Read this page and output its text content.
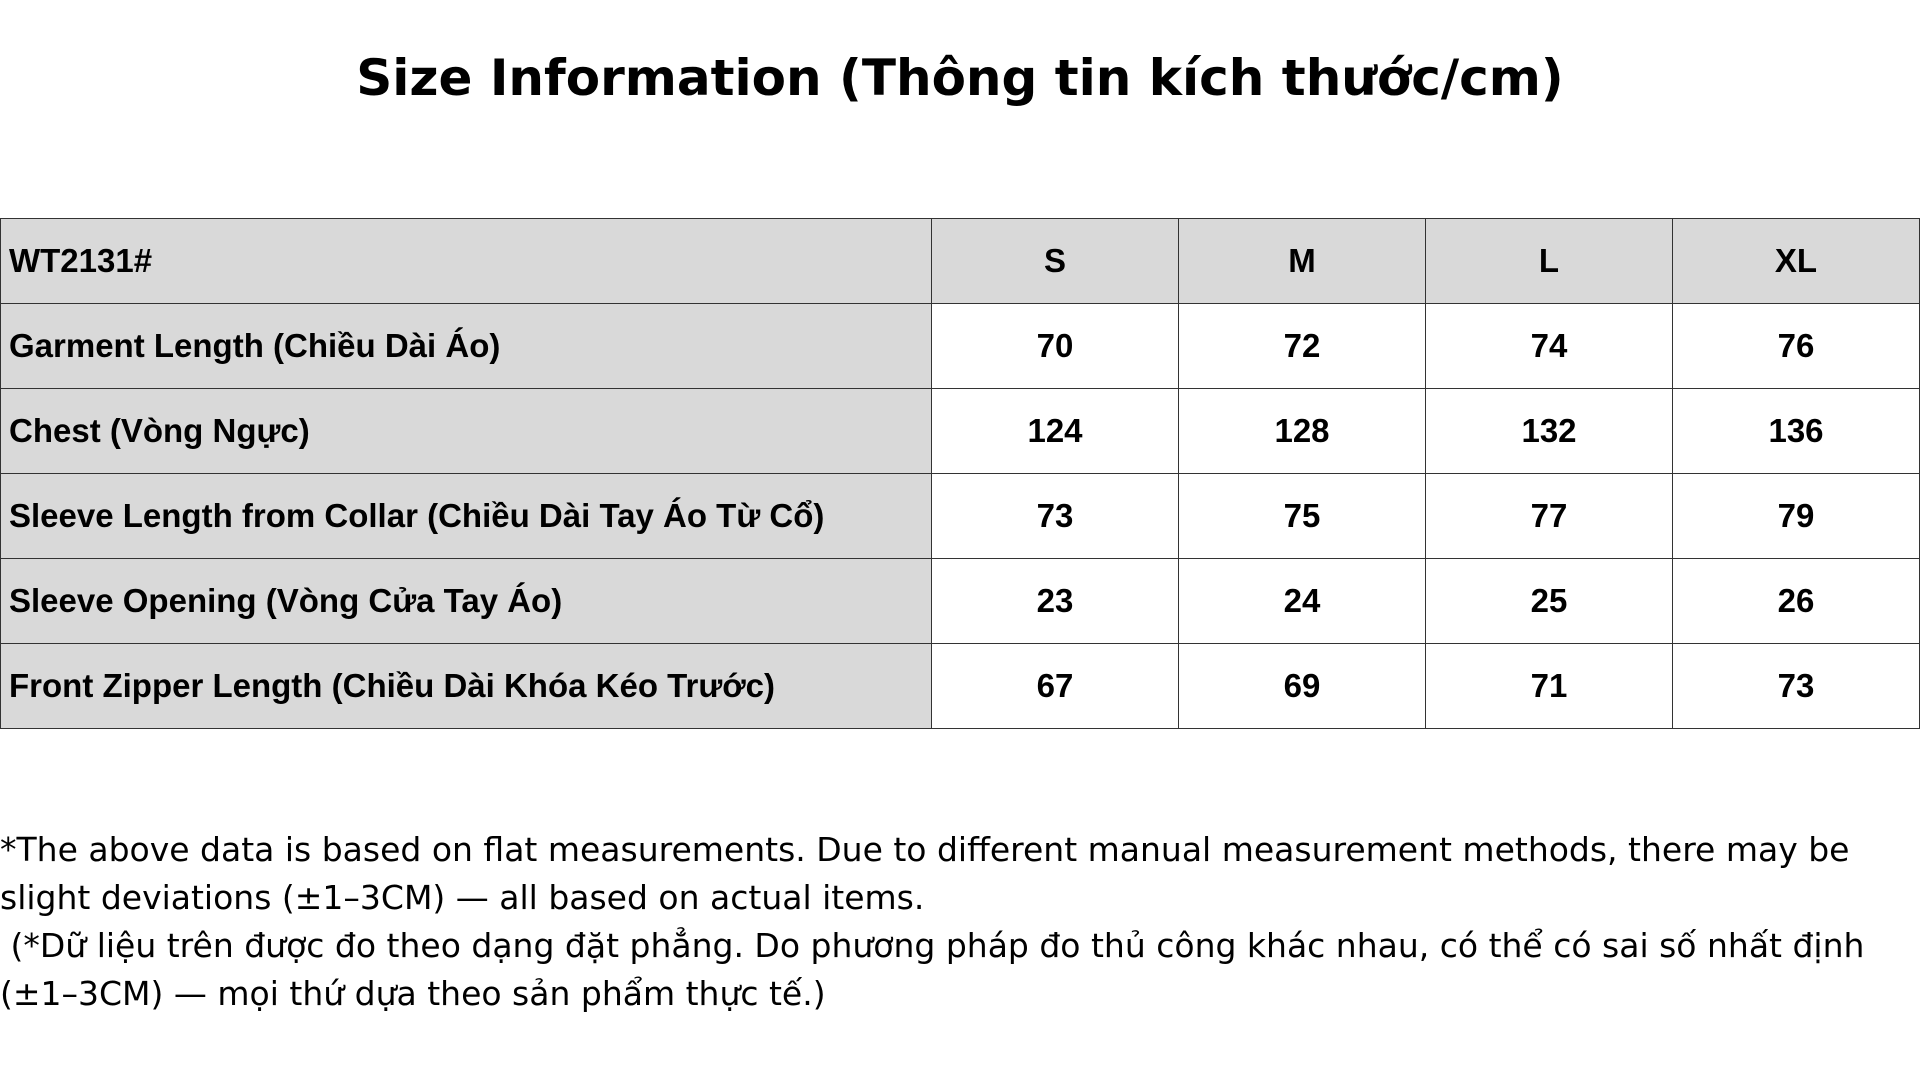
Size Information (Thông tin kích thước/cm)
WT2131#	S	M	L	XL
Garment Length (Chiều Dài Áo)	70	72	74	76
Chest (Vòng Ngực)	124	128	132	136
Sleeve Length from Collar (Chiều Dài Tay Áo Từ Cổ)	73	75	77	79
Sleeve Opening (Vòng Cửa Tay Áo)	23	24	25	26
Front Zipper Length (Chiều Dài Khóa Kéo Trước)	67	69	71	73

*The above data is based on flat measurements. Due to different manual measurement methods, there may be slight deviations (±1–3CM) — all based on actual items.

(*Dữ liệu trên được đo theo dạng đặt phẳng. Do phương pháp đo thủ công khác nhau, có thể có sai số nhất định (±1–3CM) — mọi thứ dựa theo sản phẩm thực tế.)
